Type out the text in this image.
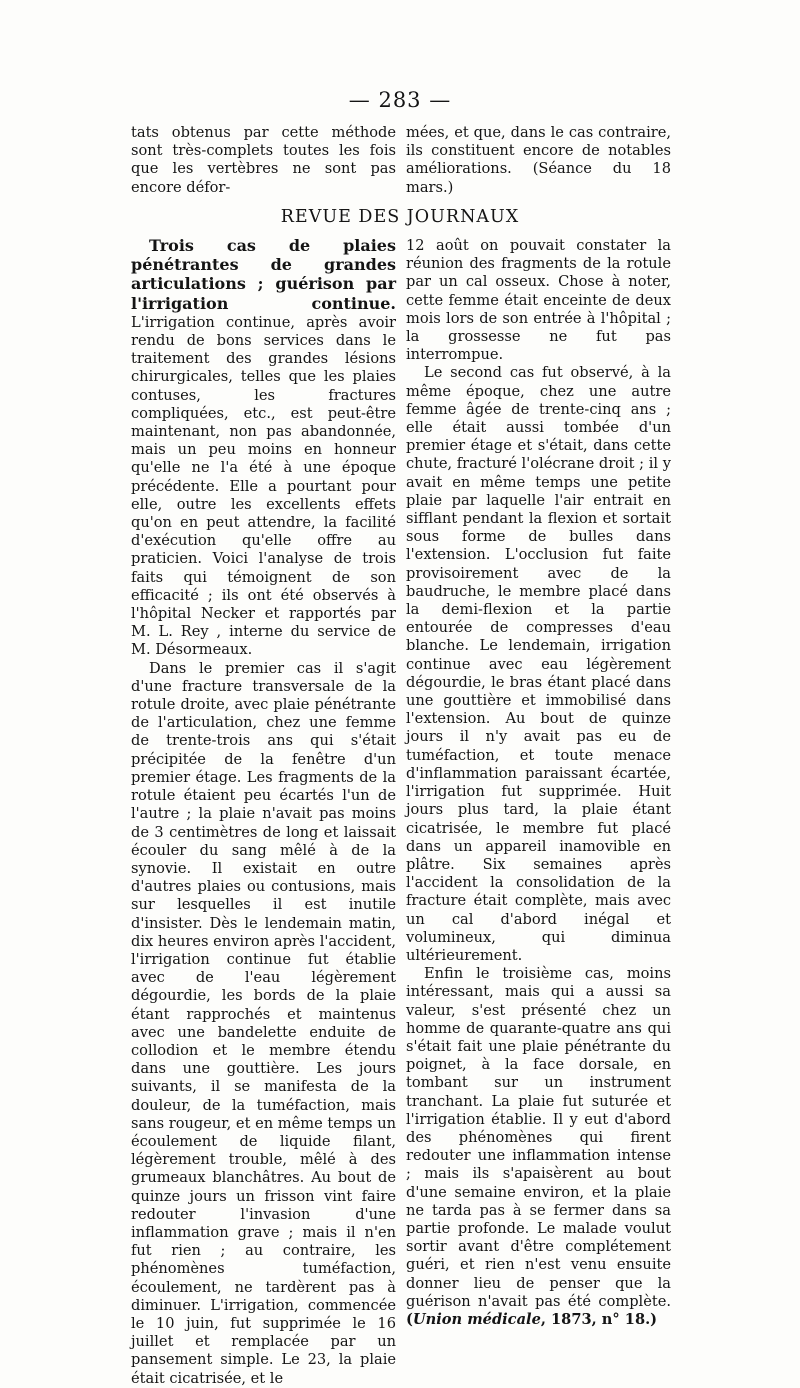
— 283 —

tats obtenus par cette méthode sont très-complets toutes les fois que les vertèbres ne sont pas encore défor-

mées, et que, dans le cas contraire, ils constituent encore de notables améliorations. (Séance du 18 mars.)

REVUE DES JOURNAUX

Trois cas de plaies pénétrantes de grandes articulations ; guérison par l'irrigation continue. L'irrigation continue, après avoir rendu de bons services dans le traitement des grandes lésions chirurgicales, telles que les plaies contuses, les fractures compliquées, etc., est peut-être maintenant, non pas abandonnée, mais un peu moins en honneur qu'elle ne l'a été à une époque précédente. Elle a pourtant pour elle, outre les excellents effets qu'on en peut attendre, la facilité d'exécution qu'elle offre au praticien. Voici l'analyse de trois faits qui témoignent de son efficacité ; ils ont été observés à l'hôpital Necker et rapportés par M. L. Rey , interne du service de M. Désormeaux.

Dans le premier cas il s'agit d'une fracture transversale de la rotule droite, avec plaie pénétrante de l'articulation, chez une femme de trente-trois ans qui s'était précipitée de la fenêtre d'un premier étage. Les fragments de la rotule étaient peu écartés l'un de l'autre ; la plaie n'avait pas moins de 3 centimètres de long et laissait écouler du sang mêlé à de la synovie. Il existait en outre d'autres plaies ou contusions, mais sur lesquelles il est inutile d'insister. Dès le lendemain matin, dix heures environ après l'accident, l'irrigation continue fut établie avec de l'eau légèrement dégourdie, les bords de la plaie étant rapprochés et maintenus avec une bandelette enduite de collodion et le membre étendu dans une gouttière. Les jours suivants, il se manifesta de la douleur, de la tuméfaction, mais sans rougeur, et en même temps un écoulement de liquide filant, légèrement trouble, mêlé à des grumeaux blanchâtres. Au bout de quinze jours un frisson vint faire redouter l'invasion d'une inflammation grave ; mais il n'en fut rien ; au contraire, les phénomènes tuméfaction, écoulement, ne tardèrent pas à diminuer. L'irrigation, commencée le 10 juin, fut supprimée le 16 juillet et remplacée par un pansement simple. Le 23, la plaie était cicatrisée, et le

12 août on pouvait constater la réunion des fragments de la rotule par un cal osseux. Chose à noter, cette femme était enceinte de deux mois lors de son entrée à l'hôpital ; la grossesse ne fut pas interrompue.

Le second cas fut observé, à la même époque, chez une autre femme âgée de trente-cinq ans ; elle était aussi tombée d'un premier étage et s'était, dans cette chute, fracturé l'olécrane droit ; il y avait en même temps une petite plaie par laquelle l'air entrait en sifflant pendant la flexion et sortait sous forme de bulles dans l'extension. L'occlusion fut faite provisoirement avec de la baudruche, le membre placé dans la demi-flexion et la partie entourée de compresses d'eau blanche. Le lendemain, irrigation continue avec eau légèrement dégourdie, le bras étant placé dans une gouttière et immobilisé dans l'extension. Au bout de quinze jours il n'y avait pas eu de tuméfaction, et toute menace d'inflammation paraissant écartée, l'irrigation fut supprimée. Huit jours plus tard, la plaie étant cicatrisée, le membre fut placé dans un appareil inamovible en plâtre. Six semaines après l'accident la consolidation de la fracture était complète, mais avec un cal d'abord inégal et volumineux, qui diminua ultérieurement.

Enfin le troisième cas, moins intéressant, mais qui a aussi sa valeur, s'est présenté chez un homme de quarante-quatre ans qui s'était fait une plaie pénétrante du poignet, à la face dorsale, en tombant sur un instrument tranchant. La plaie fut suturée et l'irrigation établie. Il y eut d'abord des phénomènes qui firent redouter une inflammation intense ; mais ils s'apaisèrent au bout d'une semaine environ, et la plaie ne tarda pas à se fermer dans sa partie profonde. Le malade voulut sortir avant d'être complétement guéri, et rien n'est venu ensuite donner lieu de penser que la guérison n'avait pas été complète. (Union médicale, 1873, n° 18.)
